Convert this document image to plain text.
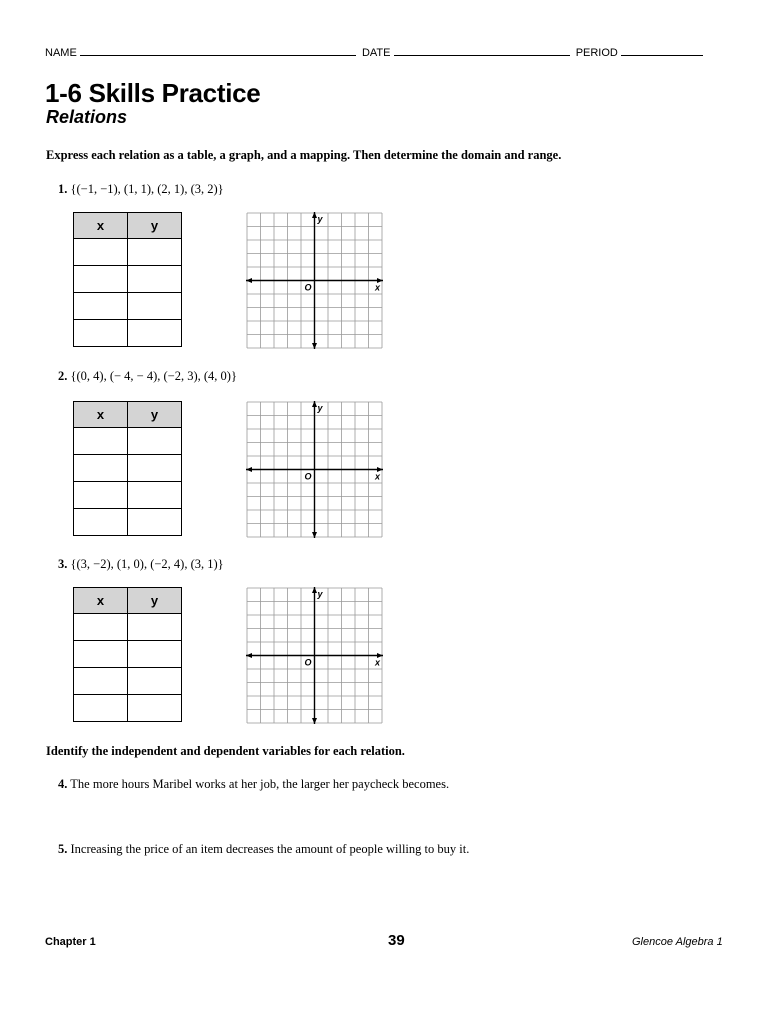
NAME	DATE	PERIOD
1-6 Skills Practice
Relations
Express each relation as a table, a graph, and a mapping. Then determine the domain and range.
1. {(−1, −1), (1, 1), (2, 1), (3, 2)}
x	y

		y
x
O
2. {(0, 4), (− 4, − 4), (−2, 3), (4, 0)}
x	y

		y
x
O
3. {(3, −2), (1, 0), (−2, 4), (3, 1)}
x	y

		y
x
O
Identify the independent and dependent variables for each relation.
4. The more hours Maribel works at her job, the larger her paycheck becomes.
5. Increasing the price of an item decreases the amount of people willing to buy it.
Chapter 1	39	Glencoe Algebra 1
